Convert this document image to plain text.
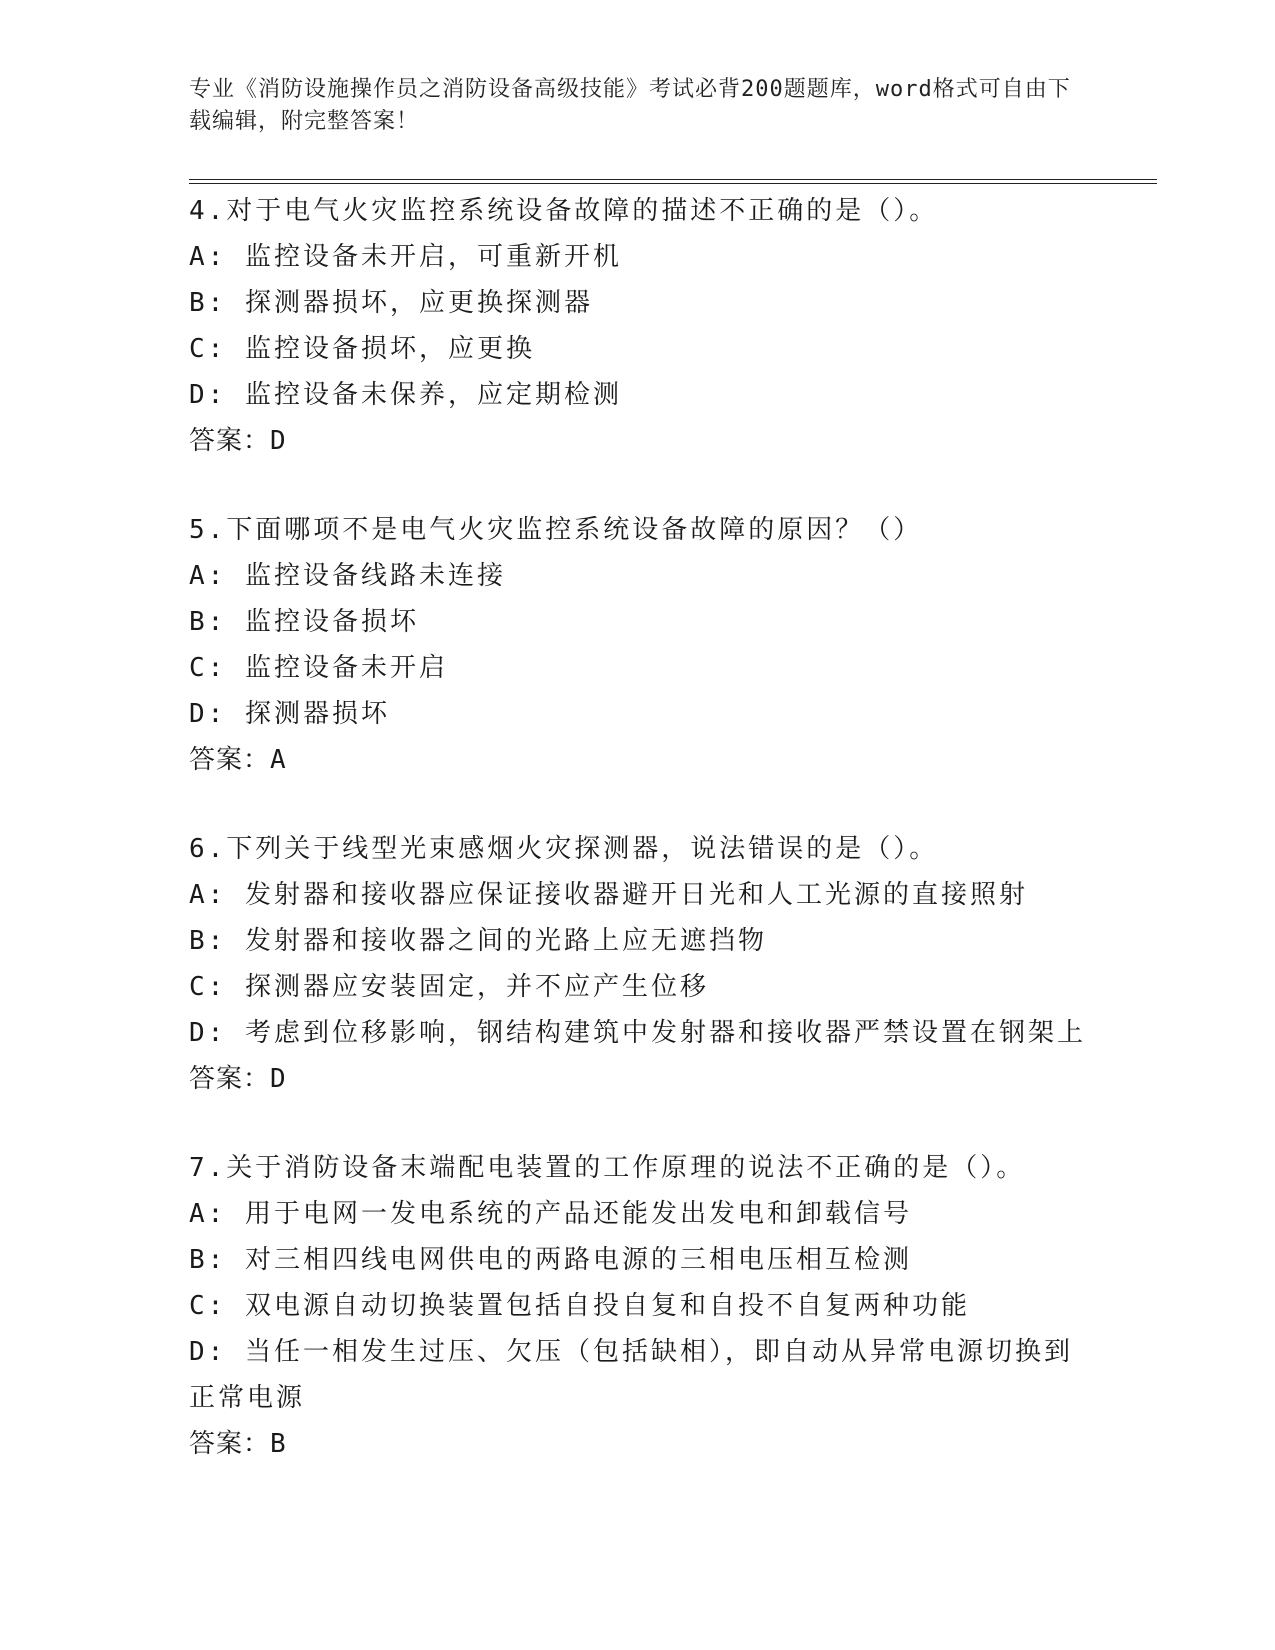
专业《消防设施操作员之消防设备高级技能》考试必背200题题库，word格式可自由下载编辑，附完整答案！
4.对于电气火灾监控系统设备故障的描述不正确的是（）。
A: 监控设备未开启，可重新开机
B: 探测器损坏，应更换探测器
C: 监控设备损坏，应更换
D: 监控设备未保养，应定期检测
答案：D
5.下面哪项不是电气火灾监控系统设备故障的原因？（）
A: 监控设备线路未连接
B: 监控设备损坏
C: 监控设备未开启
D: 探测器损坏
答案：A
6.下列关于线型光束感烟火灾探测器，说法错误的是（）。
A: 发射器和接收器应保证接收器避开日光和人工光源的直接照射
B: 发射器和接收器之间的光路上应无遮挡物
C: 探测器应安装固定，并不应产生位移
D: 考虑到位移影响，钢结构建筑中发射器和接收器严禁设置在钢架上
答案：D
7.关于消防设备末端配电装置的工作原理的说法不正确的是（）。
A: 用于电网一发电系统的产品还能发出发电和卸载信号
B: 对三相四线电网供电的两路电源的三相电压相互检测
C: 双电源自动切换装置包括自投自复和自投不自复两种功能
D: 当任一相发生过压、欠压（包括缺相），即自动从异常电源切换到正常电源
答案：B
